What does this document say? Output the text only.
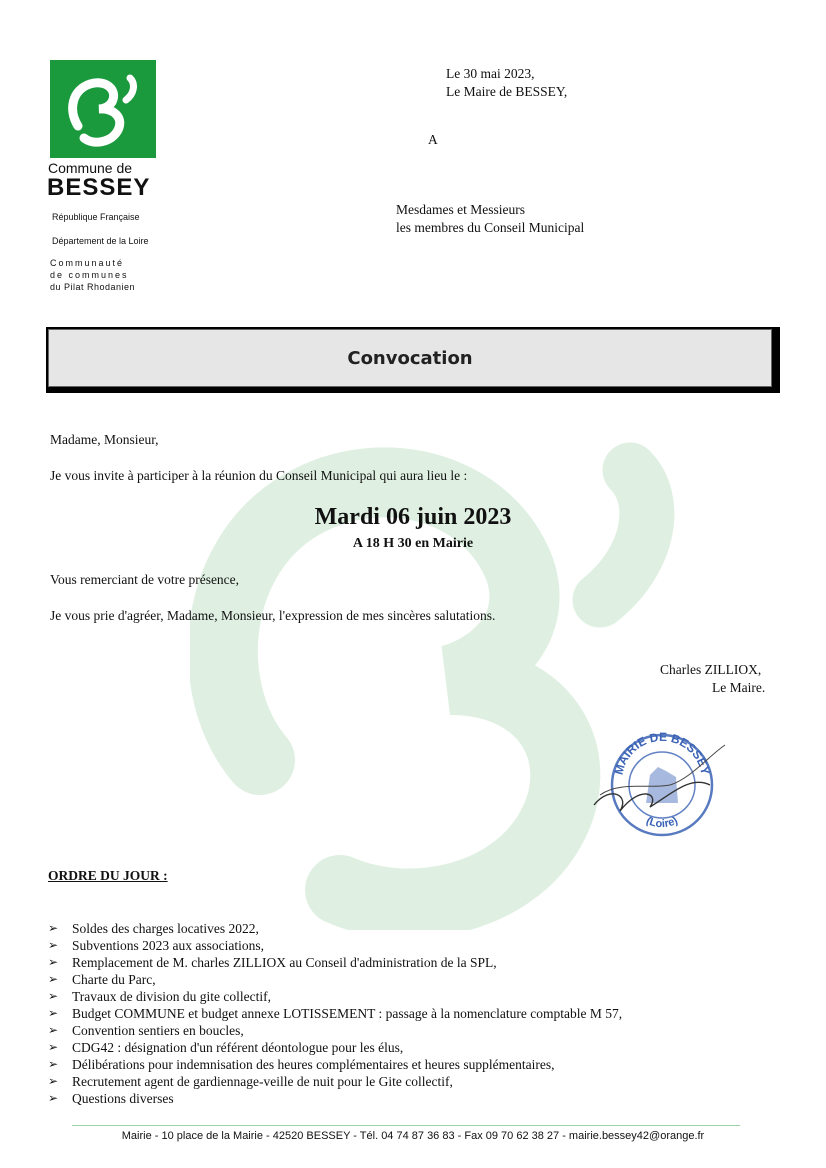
Commune de
BESSEY
République Française
Département de la Loire
Communauté
de communes
du Pilat Rhodanien
Le 30 mai 2023,
Le Maire de BESSEY,
A
Mesdames et Messieurs
les membres du Conseil Municipal
Convocation
Madame, Monsieur,
Je vous invite à participer à la réunion du Conseil Municipal qui aura lieu le :
Mardi 06 juin 2023
A 18 H 30 en Mairie
Vous remerciant de votre présence,
Je vous prie d'agréer, Madame, Monsieur, l'expression de mes sincères salutations.
Charles ZILLIOX,
Le Maire.
MAIRIE DE BESSEY
(Loire)
ORDRE DU JOUR :
➢	Soldes des charges locatives 2022,
➢	Subventions 2023 aux associations,
➢	Remplacement de M. charles ZILLIOX au Conseil d'administration de la SPL,
➢	Charte du Parc,
➢	Travaux de division du gite collectif,
➢	Budget COMMUNE et budget annexe LOTISSEMENT : passage à la nomenclature comptable M 57,
➢	Convention sentiers en boucles,
➢	CDG42 : désignation d'un référent déontologue pour les élus,
➢	Délibérations pour indemnisation des heures complémentaires et heures supplémentaires,
➢	Recrutement agent de gardiennage-veille de nuit pour le Gite collectif,
➢	Questions diverses
Mairie - 10 place de la Mairie - 42520 BESSEY - Tél. 04 74 87 36 83 - Fax 09 70 62 38 27 - mairie.bessey42@orange.fr
